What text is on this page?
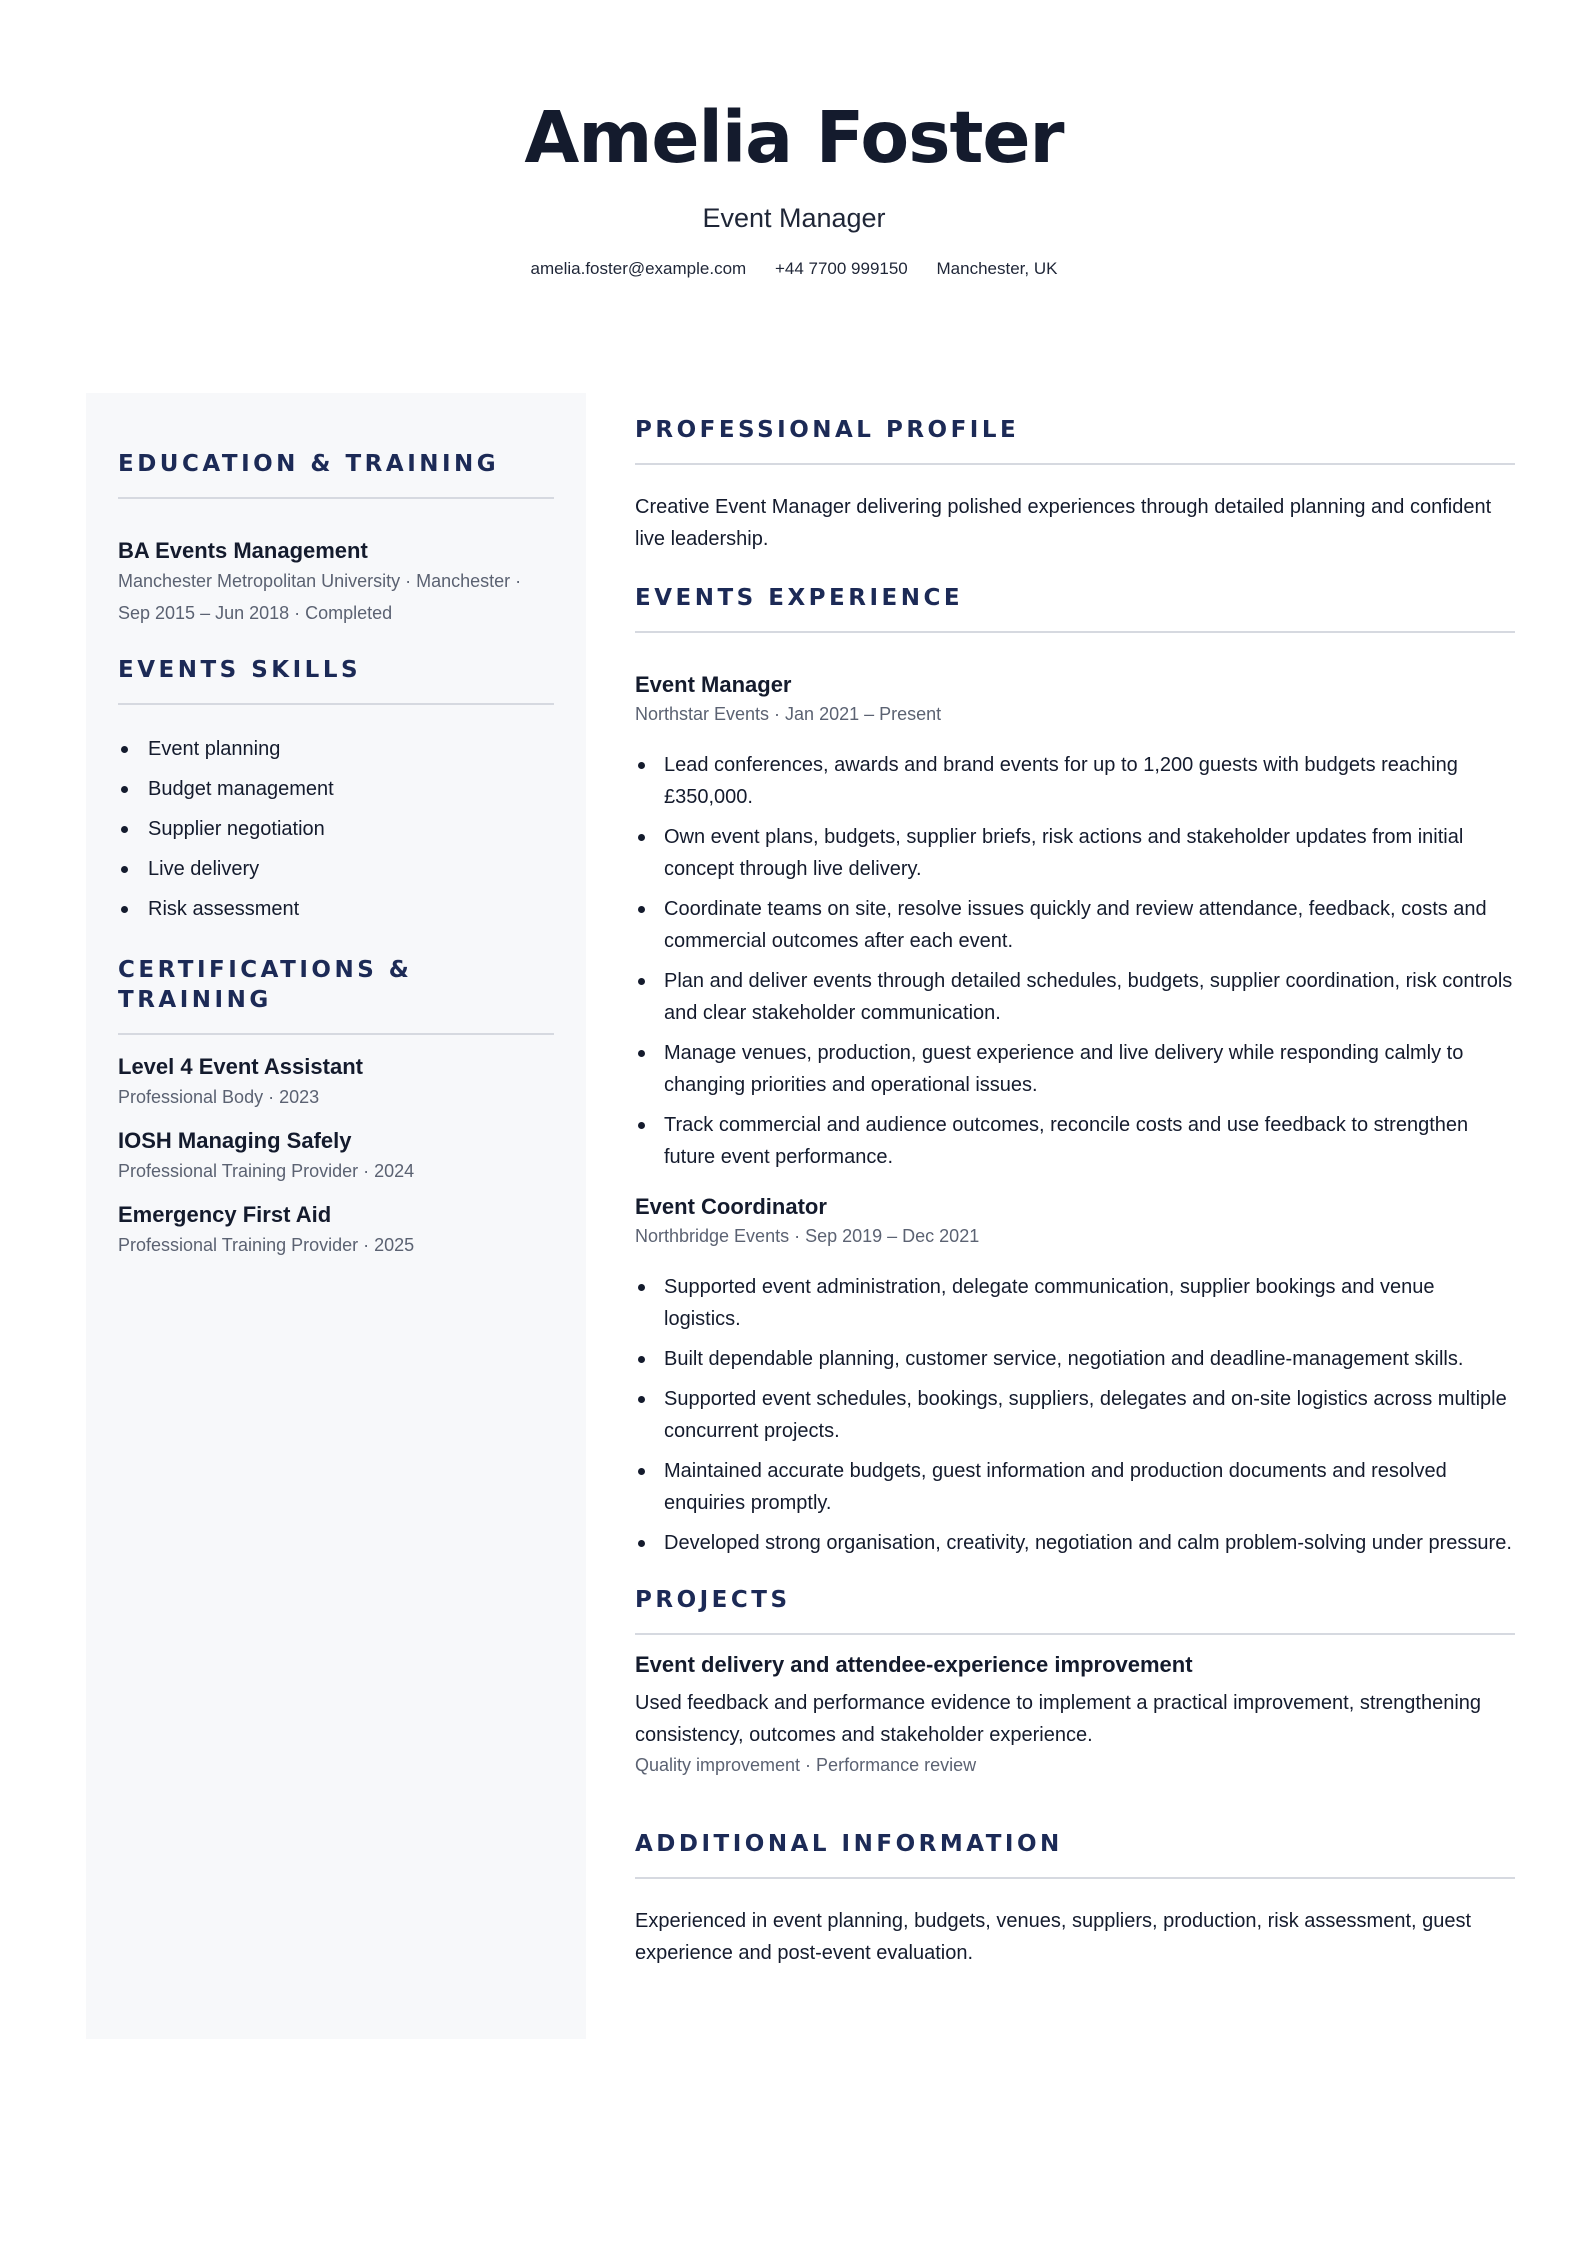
Amelia Foster
Event Manager
amelia.foster@example.com +44 7700 999150 Manchester, UK
EDUCATION & TRAINING
BA Events Management
Manchester Metropolitan University · Manchester · Sep 2015 – Jun 2018 · Completed
EVENTS SKILLS
Event planning
Budget management
Supplier negotiation
Live delivery
Risk assessment
CERTIFICATIONS & TRAINING
Level 4 Event Assistant
Professional Body · 2023
IOSH Managing Safely
Professional Training Provider · 2024
Emergency First Aid
Professional Training Provider · 2025
PROFESSIONAL PROFILE
Creative Event Manager delivering polished experiences through detailed planning and confident live leadership.
EVENTS EXPERIENCE
Event Manager
Northstar Events · Jan 2021 – Present
Lead conferences, awards and brand events for up to 1,200 guests with budgets reaching £350,000.
Own event plans, budgets, supplier briefs, risk actions and stakeholder updates from initial concept through live delivery.
Coordinate teams on site, resolve issues quickly and review attendance, feedback, costs and commercial outcomes after each event.
Plan and deliver events through detailed schedules, budgets, supplier coordination, risk controls and clear stakeholder communication.
Manage venues, production, guest experience and live delivery while responding calmly to changing priorities and operational issues.
Track commercial and audience outcomes, reconcile costs and use feedback to strengthen future event performance.
Event Coordinator
Northbridge Events · Sep 2019 – Dec 2021
Supported event administration, delegate communication, supplier bookings and venue logistics.
Built dependable planning, customer service, negotiation and deadline-management skills.
Supported event schedules, bookings, suppliers, delegates and on-site logistics across multiple concurrent projects.
Maintained accurate budgets, guest information and production documents and resolved enquiries promptly.
Developed strong organisation, creativity, negotiation and calm problem-solving under pressure.
PROJECTS
Event delivery and attendee-experience improvement
Used feedback and performance evidence to implement a practical improvement, strengthening consistency, outcomes and stakeholder experience.
Quality improvement · Performance review
ADDITIONAL INFORMATION
Experienced in event planning, budgets, venues, suppliers, production, risk assessment, guest experience and post-event evaluation.
